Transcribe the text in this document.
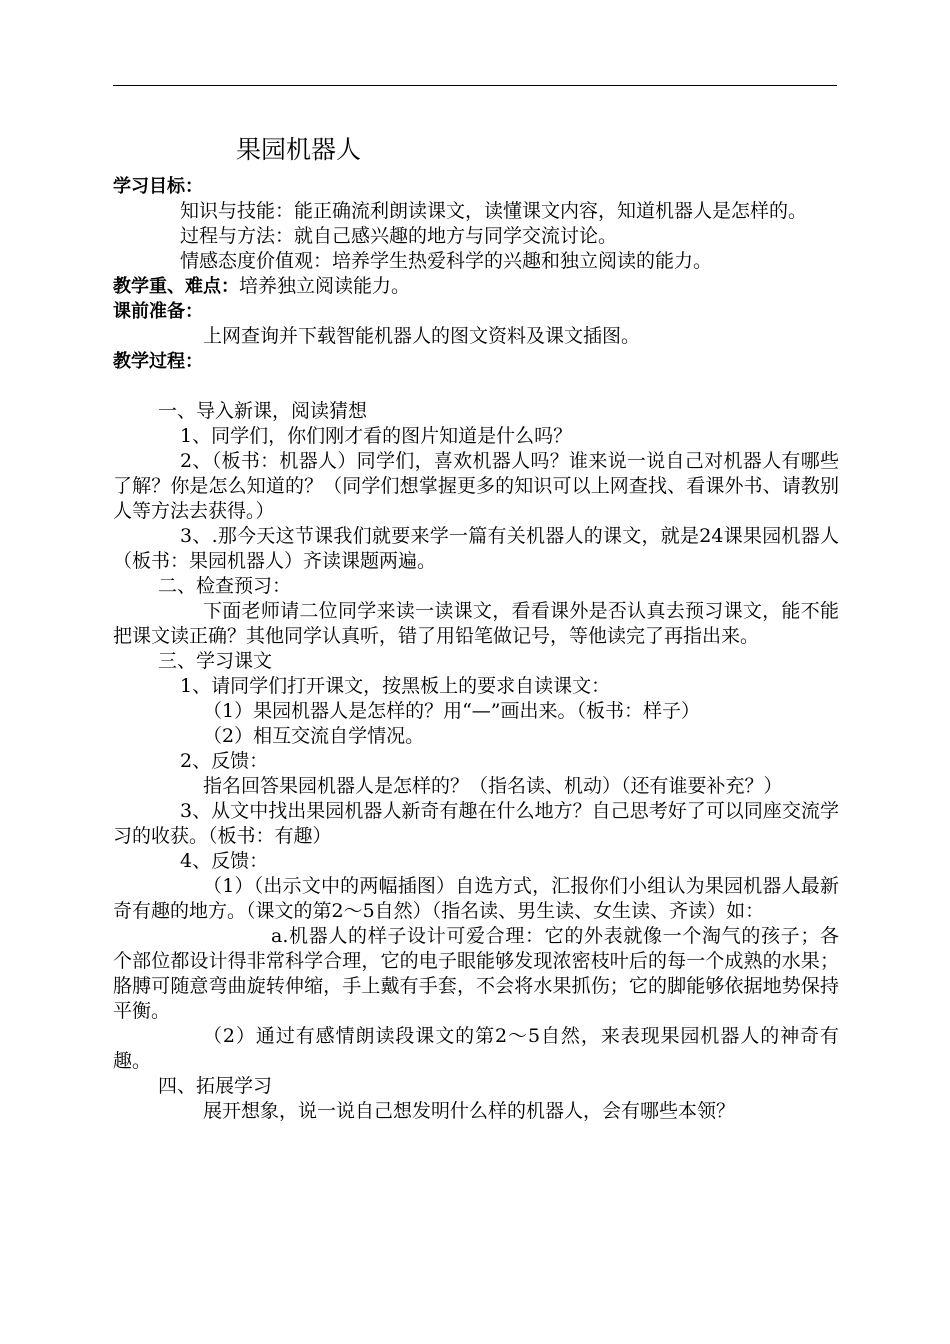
果园机器人

学习目标：

知识与技能：能正确流利朗读课文，读懂课文内容，知道机器人是怎样的。

过程与方法：就自己感兴趣的地方与同学交流讨论。

情感态度价值观：培养学生热爱科学的兴趣和独立阅读的能力。

教学重、难点：培养独立阅读能力。

课前准备：

上网查询并下载智能机器人的图文资料及课文插图。

教学过程：

一、导入新课，阅读猜想

1、同学们，你们刚才看的图片知道是什么吗？

2、（板书：机器人）同学们，喜欢机器人吗？谁来说一说自己对机器人有哪些了解？你是怎么知道的？（同学们想掌握更多的知识可以上网查找、看课外书、请教别人等方法去获得。）

3、.那今天这节课我们就要来学一篇有关机器人的课文，就是24课果园机器人（板书：果园机器人）齐读课题两遍。

二、检查预习：

下面老师请二位同学来读一读课文，看看课外是否认真去预习课文，能不能把课文读正确？其他同学认真听，错了用铅笔做记号，等他读完了再指出来。

三、学习课文

1、请同学们打开课文，按黑板上的要求自读课文：

（1）果园机器人是怎样的？用“—”画出来。（板书：样子）

（2）相互交流自学情况。

2、反馈：

指名回答果园机器人是怎样的？（指名读、机动）（还有谁要补充？）

3、从文中找出果园机器人新奇有趣在什么地方？自己思考好了可以同座交流学习的收获。（板书：有趣）

4、反馈：

（1）（出示文中的两幅插图）自选方式，汇报你们小组认为果园机器人最新奇有趣的地方。（课文的第2～5自然）（指名读、男生读、女生读、齐读）如：

a.机器人的样子设计可爱合理：它的外表就像一个淘气的孩子；各个部位都设计得非常科学合理，它的电子眼能够发现浓密枝叶后的每一个成熟的水果；胳膊可随意弯曲旋转伸缩，手上戴有手套，不会将水果抓伤；它的脚能够依据地势保持平衡。

（2）通过有感情朗读段课文的第2～5自然，来表现果园机器人的神奇有趣。

四、拓展学习

展开想象，说一说自己想发明什么样的机器人，会有哪些本领？
